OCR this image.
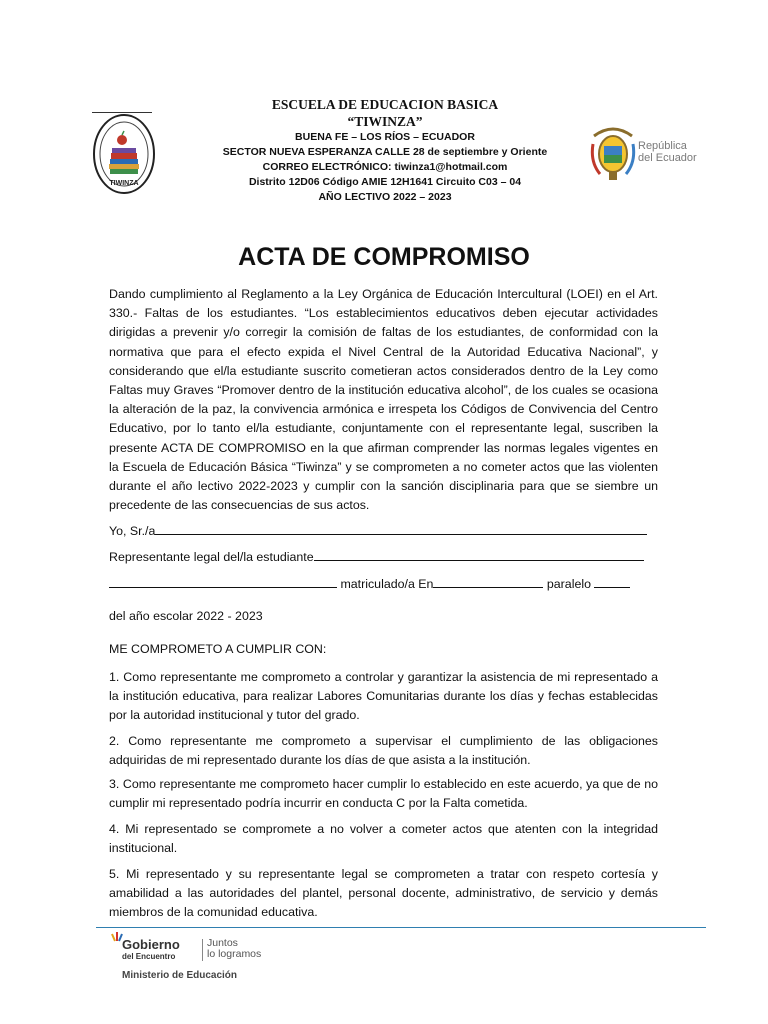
TIWINZA
ESCUELA DE EDUCACION BASICA
“TIWINZA”
BUENA FE – LOS RÍOS – ECUADOR
SECTOR NUEVA ESPERANZA CALLE 28 de septiembre y Oriente
CORREO ELECTRÓNICO: tiwinza1@hotmail.com
Distrito 12D06 Código AMIE 12H1641 Circuito C03 – 04
AÑO LECTIVO 2022 – 2023
República
del Ecuador
ACTA DE COMPROMISO
Dando cumplimiento al Reglamento a la Ley Orgánica de Educación Intercultural (LOEI) en el Art. 330.- Faltas de los estudiantes. “Los establecimientos educativos deben ejecutar actividades dirigidas a prevenir y/o corregir la comisión de faltas de los estudiantes, de conformidad con la normativa que para el efecto expida el Nivel Central de la Autoridad Educativa Nacional”, y considerando que el/la estudiante suscrito cometieran actos considerados dentro de la Ley como Faltas muy Graves “Promover dentro de la institución educativa alcohol”, de los cuales se ocasiona la alteración de la paz, la convivencia armónica e irrespeta los Códigos de Convivencia del Centro Educativo, por lo tanto el/la estudiante, conjuntamente con el representante legal, suscriben la presente ACTA DE COMPROMISO en la que afirman comprender las normas legales vigentes en la Escuela de Educación Básica “Tiwinza” y se comprometen a no cometer actos que las violenten durante el año lectivo 2022-2023 y cumplir con la sanción disciplinaria para que se siembre un precedente de las consecuencias de sus actos.
Yo, Sr./a
Representante legal del/la estudiante
matriculado/a En	paralelo
del año escolar 2022 - 2023
ME COMPROMETO A CUMPLIR CON:
1. Como representante me comprometo a controlar y garantizar la asistencia de mi representado a la institución educativa, para realizar Labores Comunitarias durante los días y fechas establecidas por la autoridad institucional y tutor del grado.
2. Como representante me comprometo a supervisar el cumplimiento de las obligaciones adquiridas de mi representado durante los días de que asista a la institución.
3. Como representante me comprometo hacer cumplir lo establecido en este acuerdo, ya que de no cumplir mi representado podría incurrir en conducta C por la Falta cometida.
4. Mi representado se compromete a no volver a cometer actos que atenten con la integridad institucional.
5. Mi representado y su representante legal se comprometen a tratar con respeto cortesía y amabilidad a las autoridades del plantel, personal docente, administrativo, de servicio y demás miembros de la comunidad educativa.
Gobierno
del Encuentro
Juntos
lo logramos
Ministerio de Educación
